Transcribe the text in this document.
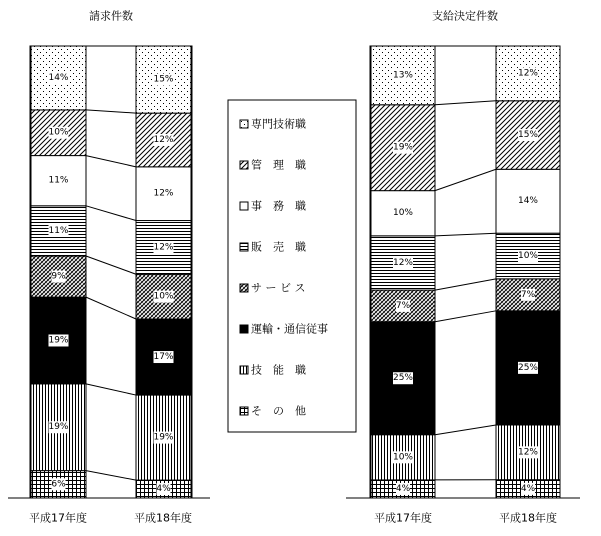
請求件数
6%
19%
19%
9%
11%
11%
10%
14%
4%
19%
17%
10%
12%
12%
12%
15%
平成17年度	平成18年度
支給決定件数
4%
10%
25%
7%
12%
10%
19%
13%
4%
12%
25%
7%
10%
14%
15%
12%
平成17年度	平成18年度
専門技術職
管　理　職
事　務　職
販　売　職
サ ー ビ ス
運輸・通信従事
技　能　職
そ　の　他
